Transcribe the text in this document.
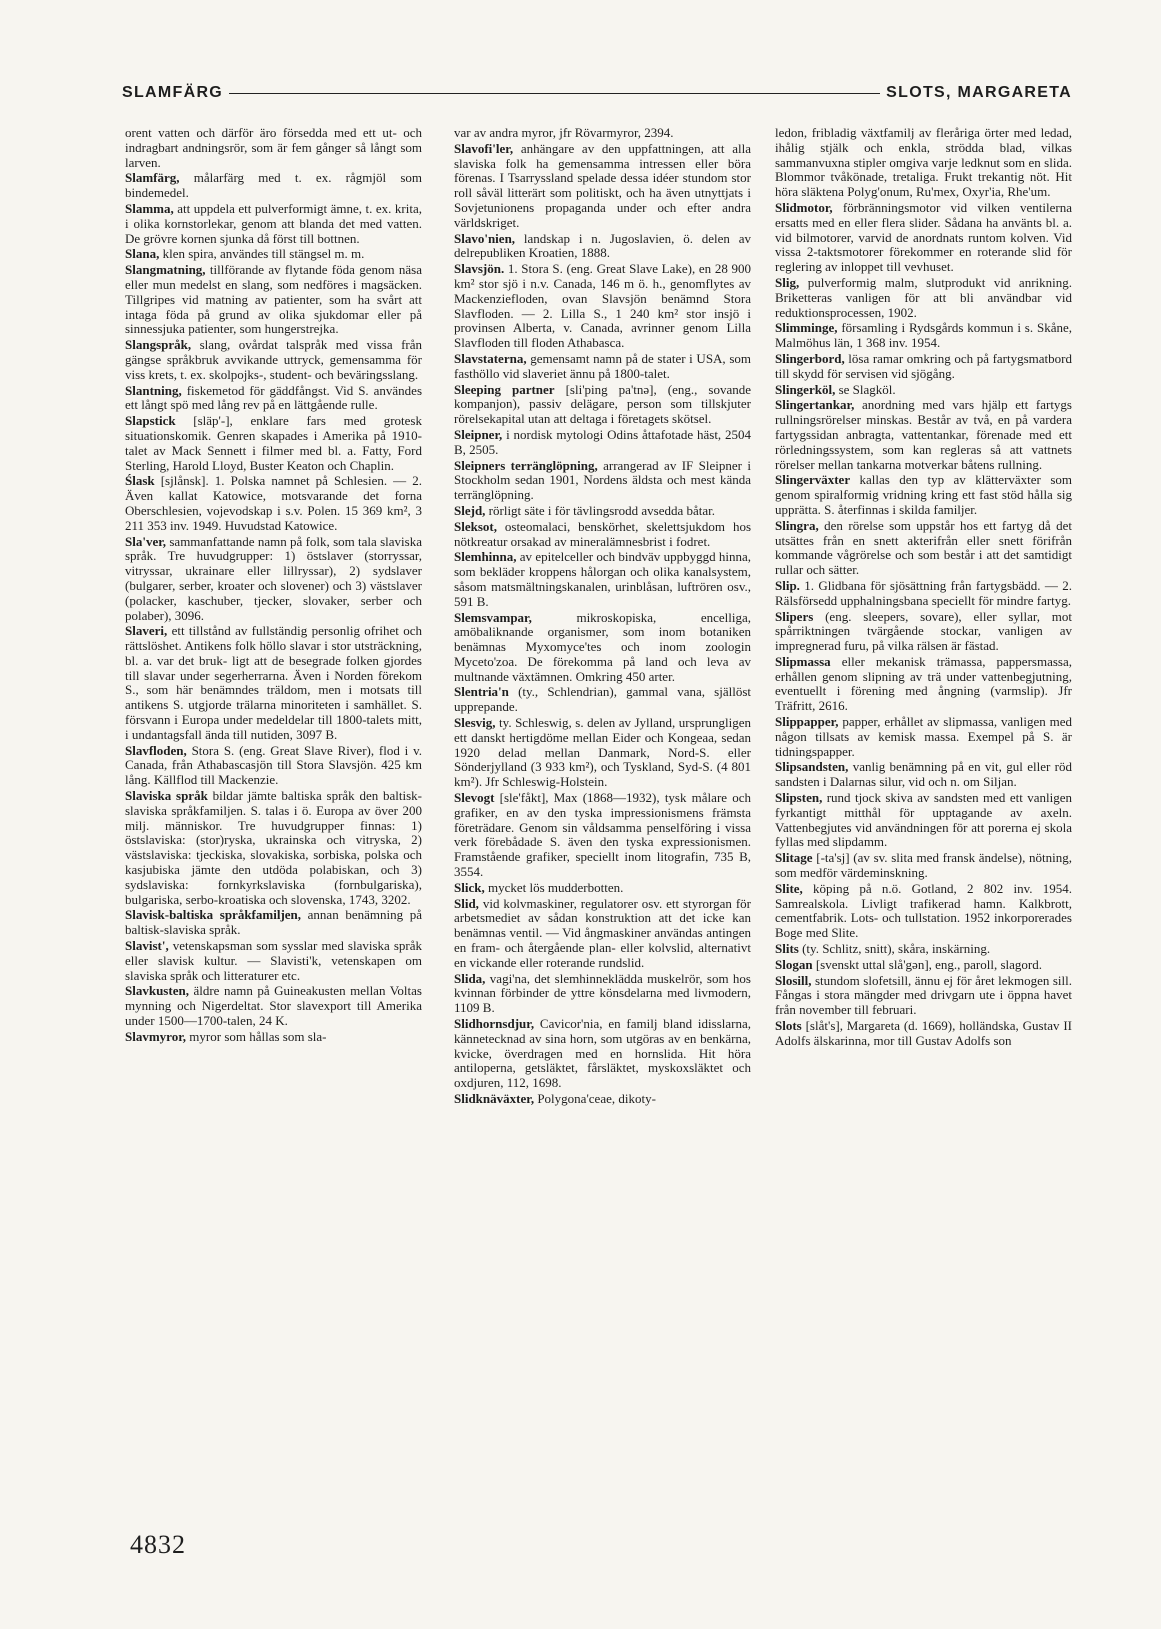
SLAMFÄRG	SLOTS, MARGARETA

orent vatten och därför äro försedda med ett ut- och indragbart andningsrör, som är fem gånger så långt som larven.

Slamfärg, målarfärg med t. ex. rågmjöl som bindemedel.

Slamma, att uppdela ett pulverformigt ämne, t. ex. krita, i olika kornstorlekar, genom att blanda det med vatten. De grövre kornen sjunka då först till bottnen.

Slana, klen spira, användes till stängsel m. m.

Slangmatning, tillförande av flytande föda genom näsa eller mun medelst en slang, som nedföres i magsäcken. Tillgripes vid matning av patienter, som ha svårt att intaga föda på grund av olika sjukdomar eller på sinnessjuka patienter, som hungerstrejka.

Slangspråk, slang, ovårdat talspråk med vissa från gängse språkbruk avvikande uttryck, gemensamma för viss krets, t. ex. skolpojks-, student- och beväringsslang.

Slantning, fiskemetod för gäddfångst. Vid S. användes ett långt spö med lång rev på en lättgående rulle.

Slapstick [släp'-], enklare fars med grotesk situationskomik. Genren skapades i Amerika på 1910-talet av Mack Sennett i filmer med bl. a. Fatty, Ford Sterling, Harold Lloyd, Buster Keaton och Chaplin.

Ślask [sjlånsk]. 1. Polska namnet på Schlesien. — 2. Även kallat Katowice, motsvarande det forna Oberschlesien, vojevodskap i s.v. Polen. 15 369 km², 3 211 353 inv. 1949. Huvudstad Katowice.

Sla'ver, sammanfattande namn på folk, som tala slaviska språk. Tre huvudgrupper: 1) östslaver (storryssar, vitryssar, ukrainare eller lillryssar), 2) sydslaver (bulgarer, serber, kroater och slovener) och 3) västslaver (polacker, kaschuber, tjecker, slovaker, serber och polaber), 3096.

Slaveri, ett tillstånd av fullständig personlig ofrihet och rättslöshet. Antikens folk höllo slavar i stor utsträckning, bl. a. var det bruk- ligt att de besegrade folken gjordes till slavar under segerherrarna. Även i Norden förekom S., som här benämndes träldom, men i motsats till antikens S. utgjorde trälarna minoriteten i samhället. S. försvann i Europa under medeldelar till 1800-talets mitt, i undantagsfall ända till nutiden, 3097 B.

Slavfloden, Stora S. (eng. Great Slave River), flod i v. Canada, från Athabascasjön till Stora Slavsjön. 425 km lång. Källflod till Mackenzie.

Slaviska språk bildar jämte baltiska språk den baltisk-slaviska språkfamiljen. S. talas i ö. Europa av över 200 milj. människor. Tre huvudgrupper finnas: 1) östslaviska: (stor)ryska, ukrainska och vitryska, 2) västslaviska: tjeckiska, slovakiska, sorbiska, polska och kasjubiska jämte den utdöda polabiskan, och 3) sydslaviska: fornkyrkslaviska (fornbulgariska), bulgariska, serbo-kroatiska och slovenska, 1743, 3202.

Slavisk-baltiska språkfamiljen, annan benämning på baltisk-slaviska språk.

Slavist', vetenskapsman som sysslar med slaviska språk eller slavisk kultur. — Slavisti'k, vetenskapen om slaviska språk och litteraturer etc.

Slavkusten, äldre namn på Guineakusten mellan Voltas mynning och Nigerdeltat. Stor slavexport till Amerika under 1500—1700-talen, 24 K.

Slavmyror, myror som hållas som sla-

var av andra myror, jfr Rövarmyror, 2394.

Slavofi'ler, anhängare av den uppfattningen, att alla slaviska folk ha gemensamma intressen eller böra förenas. I Tsarryssland spelade dessa idéer stundom stor roll såväl litterärt som politiskt, och ha även utnyttjats i Sovjetunionens propaganda under och efter andra världskriget.

Slavo'nien, landskap i n. Jugoslavien, ö. delen av delrepubliken Kroatien, 1888.

Slavsjön. 1. Stora S. (eng. Great Slave Lake), en 28 900 km² stor sjö i n.v. Canada, 146 m ö. h., genomflytes av Mackenziefloden, ovan Slavsjön benämnd Stora Slavfloden. — 2. Lilla S., 1 240 km² stor insjö i provinsen Alberta, v. Canada, avrinner genom Lilla Slavfloden till floden Athabasca.

Slavstaterna, gemensamt namn på de stater i USA, som fasthöllo vid slaveriet ännu på 1800-talet.

Sleeping partner [sli'ping pa'tnə], (eng., sovande kompanjon), passiv delägare, person som tillskjuter rörelsekapital utan att deltaga i företagets skötsel.

Sleipner, i nordisk mytologi Odins åttafotade häst, 2504 B, 2505.

Sleipners terränglöpning, arrangerad av IF Sleipner i Stockholm sedan 1901, Nordens äldsta och mest kända terränglöpning.

Slejd, rörligt säte i för tävlingsrodd avsedda båtar.

Sleksot, osteomalaci, benskörhet, skelettsjukdom hos nötkreatur orsakad av mineralämnesbrist i fodret.

Slemhinna, av epitelceller och bindväv uppbyggd hinna, som bekläder kroppens hålorgan och olika kanalsystem, såsom matsmältningskanalen, urinblåsan, luftrören osv., 591 B.

Slemsvampar, mikroskopiska, encelliga, amöbaliknande organismer, som inom botaniken benämnas Myxomyce'tes och inom zoologin Myceto'zoa. De förekomma på land och leva av multnande växtämnen. Omkring 450 arter.

Slentria'n (ty., Schlendrian), gammal vana, själlöst upprepande.

Slesvig, ty. Schleswig, s. delen av Jylland, ursprungligen ett danskt hertigdöme mellan Eider och Kongeaa, sedan 1920 delad mellan Danmark, Nord-S. eller Sönderjylland (3 933 km²), och Tyskland, Syd-S. (4 801 km²). Jfr Schleswig-Holstein.

Slevogt [sle'fåkt], Max (1868—1932), tysk målare och grafiker, en av den tyska impressionismens främsta företrädare. Genom sin våldsamma penselföring i vissa verk förebådade S. även den tyska expressionismen. Framstående grafiker, speciellt inom litografin, 735 B, 3554.

Slick, mycket lös mudderbotten.

Slid, vid kolvmaskiner, regulatorer osv. ett styrorgan för arbetsmediet av sådan konstruktion att det icke kan benämnas ventil. — Vid ångmaskiner användas antingen en fram- och återgående plan- eller kolvslid, alternativt en vickande eller roterande rundslid.

Slida, vagi'na, det slemhinneklädda muskelrör, som hos kvinnan förbinder de yttre könsdelarna med livmodern, 1109 B.

Slidhornsdjur, Cavicor'nia, en familj bland idisslarna, kännetecknad av sina horn, som utgöras av en benkärna, kvicke, överdragen med en hornslida. Hit höra antiloperna, getsläktet, fårsläktet, myskoxsläktet och oxdjuren, 112, 1698.

Slidknäväxter, Polygona'ceae, dikoty-

ledon, fribladig växtfamilj av fleråriga örter med ledad, ihålig stjälk och enkla, strödda blad, vilkas sammanvuxna stipler omgiva varje ledknut som en slida. Blommor tvåkönade, tretaliga. Frukt trekantig nöt. Hit höra släktena Polyg'onum, Ru'mex, Oxyr'ia, Rhe'um.

Slidmotor, förbränningsmotor vid vilken ventilerna ersatts med en eller flera slider. Sådana ha använts bl. a. vid bilmotorer, varvid de anordnats runtom kolven. Vid vissa 2-taktsmotorer förekommer en roterande slid för reglering av inloppet till vevhuset.

Slig, pulverformig malm, slutprodukt vid anrikning. Briketteras vanligen för att bli användbar vid reduktionsprocessen, 1902.

Slimminge, församling i Rydsgårds kommun i s. Skåne, Malmöhus län, 1 368 inv. 1954.

Slingerbord, lösa ramar omkring och på fartygsmatbord till skydd för servisen vid sjögång.

Slingerköl, se Slagköl.

Slingertankar, anordning med vars hjälp ett fartygs rullningsrörelser minskas. Består av två, en på vardera fartygssidan anbragta, vattentankar, förenade med ett rörledningssystem, som kan regleras så att vattnets rörelser mellan tankarna motverkar båtens rullning.

Slingerväxter kallas den typ av klätterväxter som genom spiralformig vridning kring ett fast stöd hålla sig upprätta. S. återfinnas i skilda familjer.

Slingra, den rörelse som uppstår hos ett fartyg då det utsättes från en snett akterifrån eller snett förifrån kommande vågrörelse och som består i att det samtidigt rullar och sätter.

Slip. 1. Glidbana för sjösättning från fartygsbädd. — 2. Rälsförsedd upphalningsbana speciellt för mindre fartyg.

Slipers (eng. sleepers, sovare), eller syllar, mot spårriktningen tvärgående stockar, vanligen av impregnerad furu, på vilka rälsen är fästad.

Slipmassa eller mekanisk trämassa, pappersmassa, erhållen genom slipning av trä under vattenbegjutning, eventuellt i förening med ångning (varmslip). Jfr Träfritt, 2616.

Slippapper, papper, erhållet av slipmassa, vanligen med någon tillsats av kemisk massa. Exempel på S. är tidningspapper.

Slipsandsten, vanlig benämning på en vit, gul eller röd sandsten i Dalarnas silur, vid och n. om Siljan.

Slipsten, rund tjock skiva av sandsten med ett vanligen fyrkantigt mitthål för upptagande av axeln. Vattenbegjutes vid användningen för att porerna ej skola fyllas med slipdamm.

Slitage [-ta'sj] (av sv. slita med fransk ändelse), nötning, som medför värdeminskning.

Slite, köping på n.ö. Gotland, 2 802 inv. 1954. Samrealskola. Livligt trafikerad hamn. Kalkbrott, cementfabrik. Lots- och tullstation. 1952 inkorporerades Boge med Slite.

Slits (ty. Schlitz, snitt), skåra, inskärning.

Slogan [svenskt uttal slå'gən], eng., paroll, slagord.

Slosill, stundom slofetsill, ännu ej för året lekmogen sill. Fångas i stora mängder med drivgarn ute i öppna havet från november till februari.

Slots [slåt's], Margareta (d. 1669), holländska, Gustav II Adolfs älskarinna, mor till Gustav Adolfs son

4832
